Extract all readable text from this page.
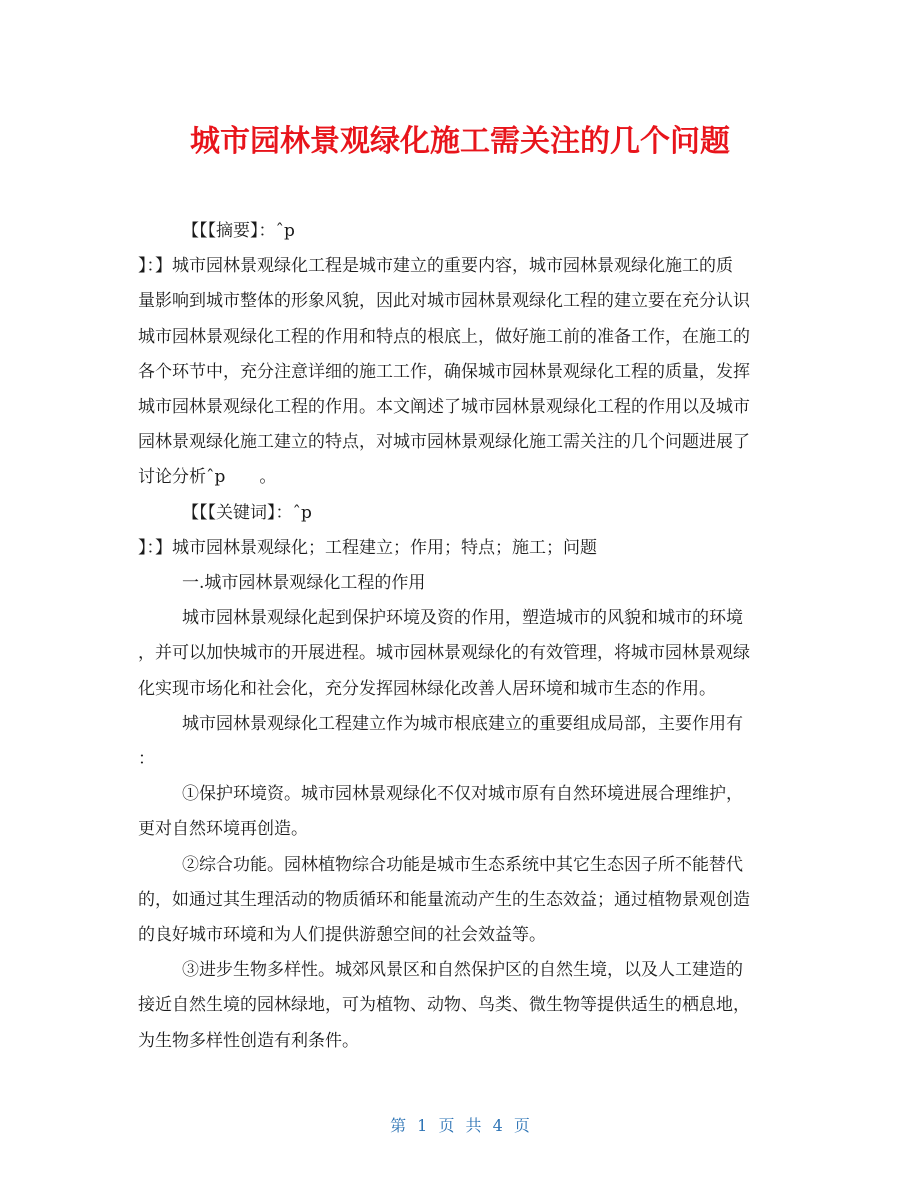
城市园林景观绿化施工需关注的几个问题

【【【摘要】：ˆp

】：】城市园林景观绿化工程是城市建立的重要内容，城市园林景观绿化施工的质
量影响到城市整体的形象风貌，因此对城市园林景观绿化工程的建立要在充分认识
城市园林景观绿化工程的作用和特点的根底上，做好施工前的准备工作，在施工的
各个环节中，充分注意详细的施工工作，确保城市园林景观绿化工程的质量，发挥
城市园林景观绿化工程的作用。本文阐述了城市园林景观绿化工程的作用以及城市
园林景观绿化施工建立的特点，对城市园林景观绿化施工需关注的几个问题进展了
讨论分析ˆp　　。

【【【关键词】：ˆp

】：】城市园林景观绿化；工程建立；作用；特点；施工；问题

一.城市园林景观绿化工程的作用

城市园林景观绿化起到保护环境及资的作用，塑造城市的风貌和城市的环境
，并可以加快城市的开展进程。城市园林景观绿化的有效管理，将城市园林景观绿
化实现市场化和社会化，充分发挥园林绿化改善人居环境和城市生态的作用。

城市园林景观绿化工程建立作为城市根底建立的重要组成局部，主要作用有
：

①保护环境资。城市园林景观绿化不仅对城市原有自然环境进展合理维护，
更对自然环境再创造。

②综合功能。园林植物综合功能是城市生态系统中其它生态因子所不能替代
的，如通过其生理活动的物质循环和能量流动产生的生态效益；通过植物景观创造
的良好城市环境和为人们提供游憩空间的社会效益等。

③进步生物多样性。城郊风景区和自然保护区的自然生境，以及人工建造的
接近自然生境的园林绿地，可为植物、动物、鸟类、微生物等提供适生的栖息地，
为生物多样性创造有利条件。

第 1 页 共 4 页
